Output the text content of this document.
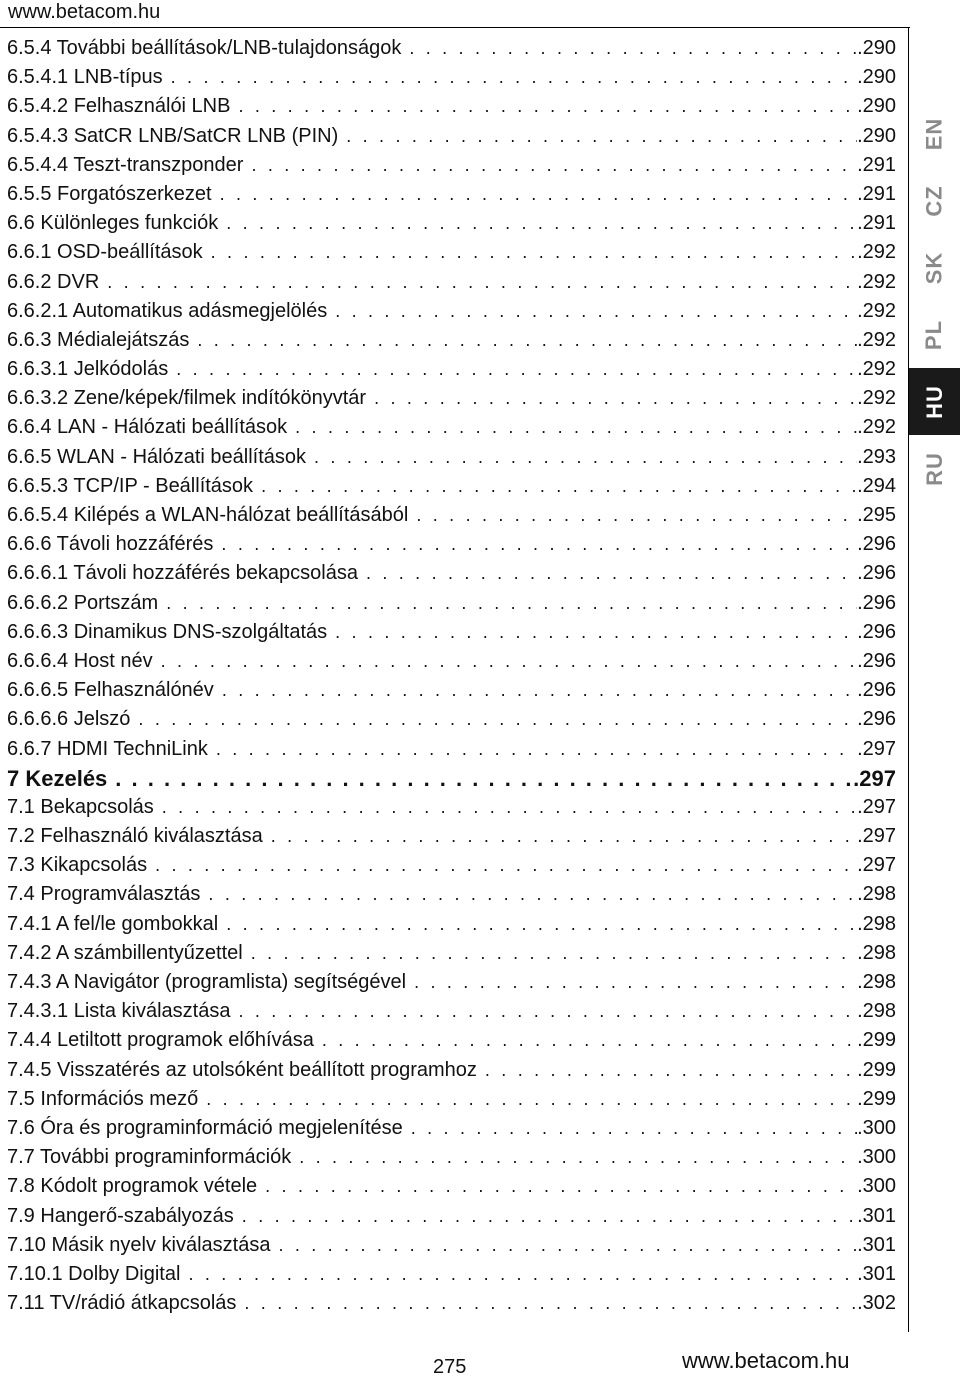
www.betacom.hu
6.5.4 További beállítások/LNB-tulajdonságok . . .	.290
6.5.4.1 LNB-típus . . .	.290
6.5.4.2 Felhasználói LNB . . .	.290
6.5.4.3 SatCR LNB/SatCR LNB (PIN) . . .	.290
6.5.4.4 Teszt-transzponder . . .	.291
6.5.5 Forgatószerkezet . . .	.291
6.6 Különleges funkciók . . .	.291
6.6.1 OSD-beállítások . . .	.292
6.6.2 DVR . . .	.292
6.6.2.1 Automatikus adásmegjelölés . . .	.292
6.6.3 Médialejátszás . . .	.292
6.6.3.1 Jelkódolás . . .	.292
6.6.3.2 Zene/képek/filmek indítókönyvtár . . .	.292
6.6.4 LAN - Hálózati beállítások . . .	.292
6.6.5 WLAN - Hálózati beállítások . . .	.293
6.6.5.3 TCP/IP - Beállítások . . .	.294
6.6.5.4 Kilépés a WLAN-hálózat beállításából . . .	.295
6.6.6 Távoli hozzáférés . . .	.296
6.6.6.1 Távoli hozzáférés bekapcsolása . . .	.296
6.6.6.2 Portszám . . .	.296
6.6.6.3 Dinamikus DNS-szolgáltatás . . .	.296
6.6.6.4 Host név . . .	.296
6.6.6.5 Felhasználónév . . .	.296
6.6.6.6 Jelszó . . .	.296
6.6.7 HDMI TechniLink . . .	.297
7 Kezelés . . .	.297
7.1 Bekapcsolás . . .	.297
7.2 Felhasználó kiválasztása . . .	.297
7.3 Kikapcsolás . . .	.297
7.4 Programválasztás . . .	.298
7.4.1 A fel/le gombokkal . . .	.298
7.4.2 A számbillentyűzettel . . .	.298
7.4.3 A Navigátor (programlista) segítségével . . .	.298
7.4.3.1 Lista kiválasztása . . .	.298
7.4.4 Letiltott programok előhívása . . .	.299
7.4.5 Visszatérés az utolsóként beállított programhoz . . .	.299
7.5 Információs mező . . .	.299
7.6 Óra és programinformáció megjelenítése . . .	.300
7.7 További programinformációk . . .	.300
7.8 Kódolt programok vétele . . .	.300
7.9 Hangerő-szabályozás . . .	.301
7.10 Másik nyelv kiválasztása . . .	.301
7.10.1 Dolby Digital . . .	.301
7.11 TV/rádió átkapcsolás . . .	.302
EN
CZ
SK
PL
HU
RU
275	www.betacom.hu
